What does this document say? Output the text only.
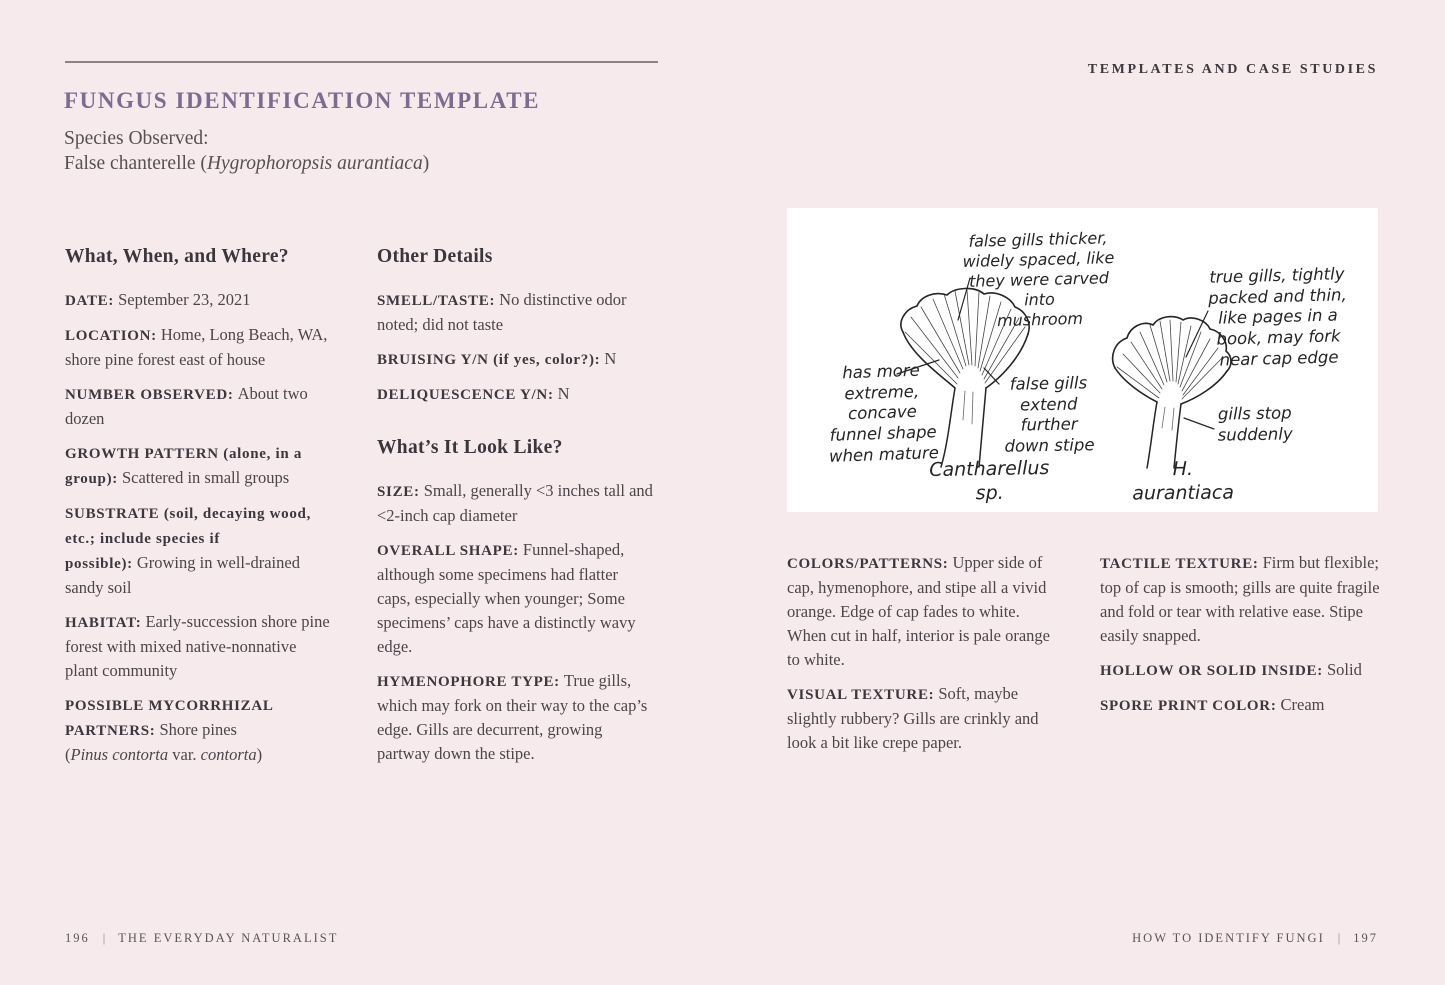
FUNGUS IDENTIFICATION TEMPLATE
Species Observed:
False chanterelle (Hygrophoropsis aurantiaca)
What, When, and Where?

DATE: September 23, 2021

LOCATION: Home, Long Beach, WA, shore pine forest east of house

NUMBER OBSERVED: About two dozen

GROWTH PATTERN (alone, in a group): Scattered in small groups

SUBSTRATE (soil, decaying wood, etc.; include species if possible): Growing in well-drained sandy soil

HABITAT: Early-succession shore pine forest with mixed native-nonnative plant community

POSSIBLE MYCORRHIZAL PARTNERS: Shore pines
(Pinus contorta var. contorta)

Other Details

SMELL/TASTE: No distinctive odor noted; did not taste

BRUISING Y/N (if yes, color?): N

DELIQUESCENCE Y/N: N

What’s It Look Like?

SIZE: Small, generally <3 inches tall and <2-inch cap diameter

OVERALL SHAPE: Funnel-shaped, although some specimens had flatter caps, especially when younger; Some specimens’ caps have a distinctly wavy edge.

HYMENOPHORE TYPE: True gills, which may fork on their way to the cap’s edge. Gills are decurrent, growing partway down the stipe.

TEMPLATES AND CASE STUDIES
false gills thicker,
widely spaced, like
they were carved
into
mushroom
has more
extreme, concave
funnel shape
when mature
false gills
extend further
down stipe
true gills, tightly
packed and thin,
like pages in a
book, may fork
near cap edge
gills stop
suddenly
Cantharellus sp.
H. aurantiaca

COLORS/PATTERNS: Upper side of cap, hymenophore, and stipe all a vivid orange. Edge of cap fades to white. When cut in half, interior is pale orange to white.

VISUAL TEXTURE: Soft, maybe slightly rubbery? Gills are crinkly and look a bit like crepe paper.

TACTILE TEXTURE: Firm but flexible; top of cap is smooth; gills are quite fragile and fold or tear with relative ease. Stipe easily snapped.

HOLLOW OR SOLID INSIDE: Solid

SPORE PRINT COLOR: Cream

196 | THE EVERYDAY NATURALIST	HOW TO IDENTIFY FUNGI | 197
